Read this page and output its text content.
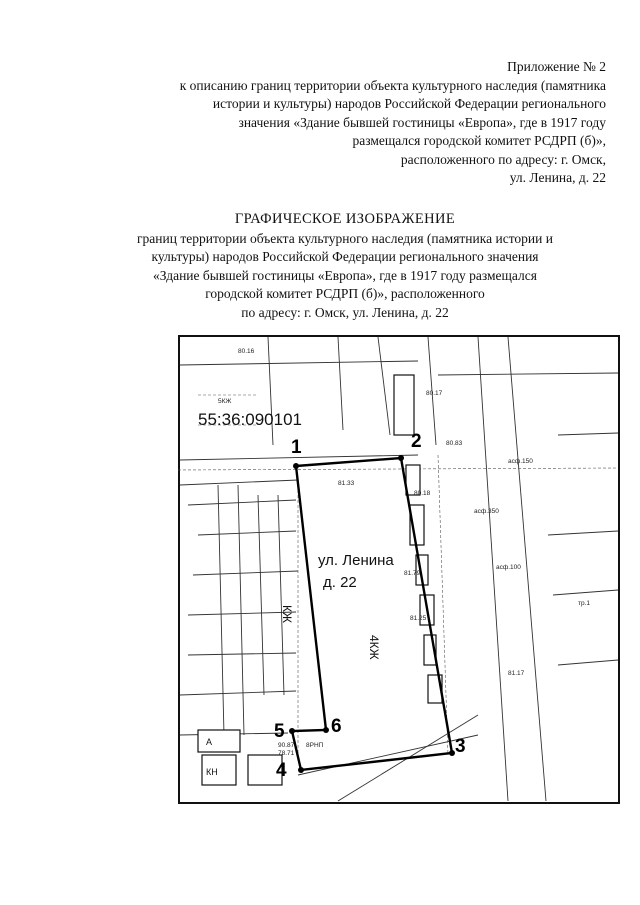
Приложение № 2
к описанию границ территории объекта культурного наследия (памятника
истории и культуры) народов Российской Федерации регионального
значения «Здание бывшей гостиницы «Европа», где в 1917 году
размещался городской комитет РСДРП (б)»,
расположенного по адресу: г. Омск,
ул. Ленина, д. 22
ГРАФИЧЕСКОЕ ИЗОБРАЖЕНИЕ
границ территории объекта культурного наследия (памятника истории и
культуры) народов Российской Федерации регионального значения
«Здание бывшей гостиницы «Европа», где в 1917 году размещался
городской комитет РСДРП (б)», расположенного
по адресу: г. Омск, ул. Ленина, д. 22
1	2
3
4
5 6
55:36:090101
5КЖ
ул. Ленина
д. 22
4КЖ
КЖ
КН
А
81.33
80.83
81.25
81.17
80.16
80.17
90.87
78.71
81.79
80.18
асф.150
асф.350
асф.100
тр.1
8РНП
